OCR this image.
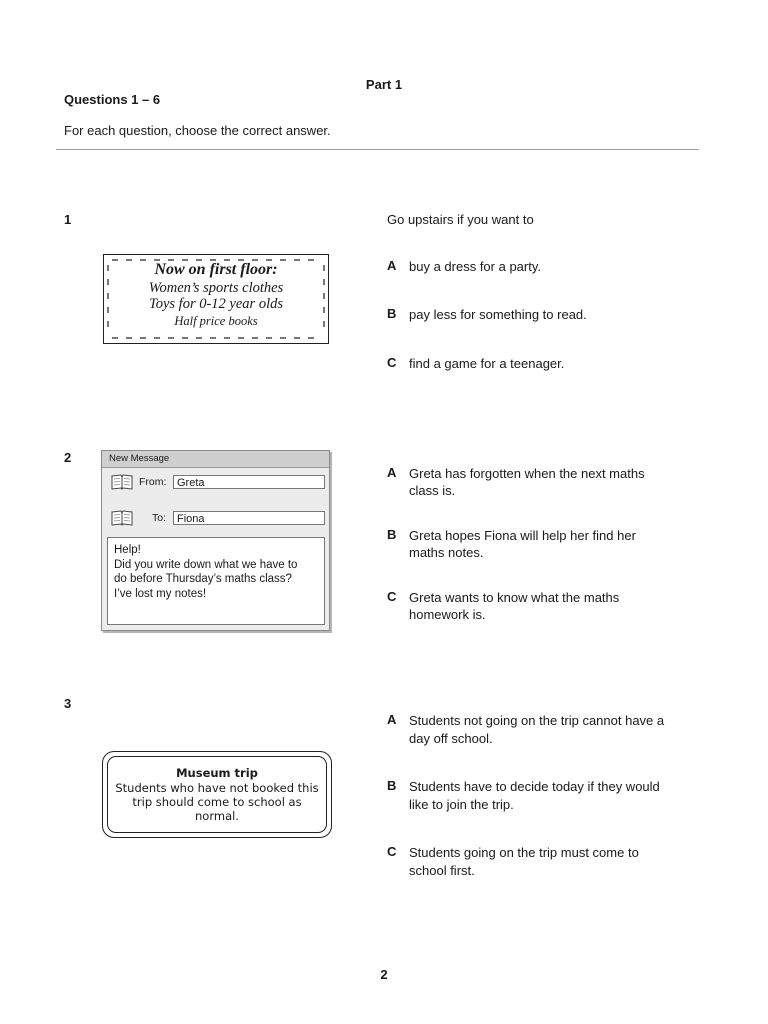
Part 1
Questions 1 – 6
For each question, choose the correct answer.
1	Go upstairs if you want to
Now on first floor:
Women’s sports clothes
Toys for 0-12 year olds
Half price books
A buy a dress for a party.
B pay less for something to read.
C find a game for a teenager.
2	New Message
From: Greta
To: Fiona
Help!
Did you write down what we have to
do before Thursday’s maths class?
I’ve lost my notes!
A Greta has forgotten when the next maths
class is.
B Greta hopes Fiona will help her find her
maths notes.
C Greta wants to know what the maths
homework is.
3
Museum trip
Students who have not booked this
trip should come to school as
normal.
A Students not going on the trip cannot have a
day off school.
B Students have to decide today if they would
like to join the trip.
C Students going on the trip must come to
school first.
2
